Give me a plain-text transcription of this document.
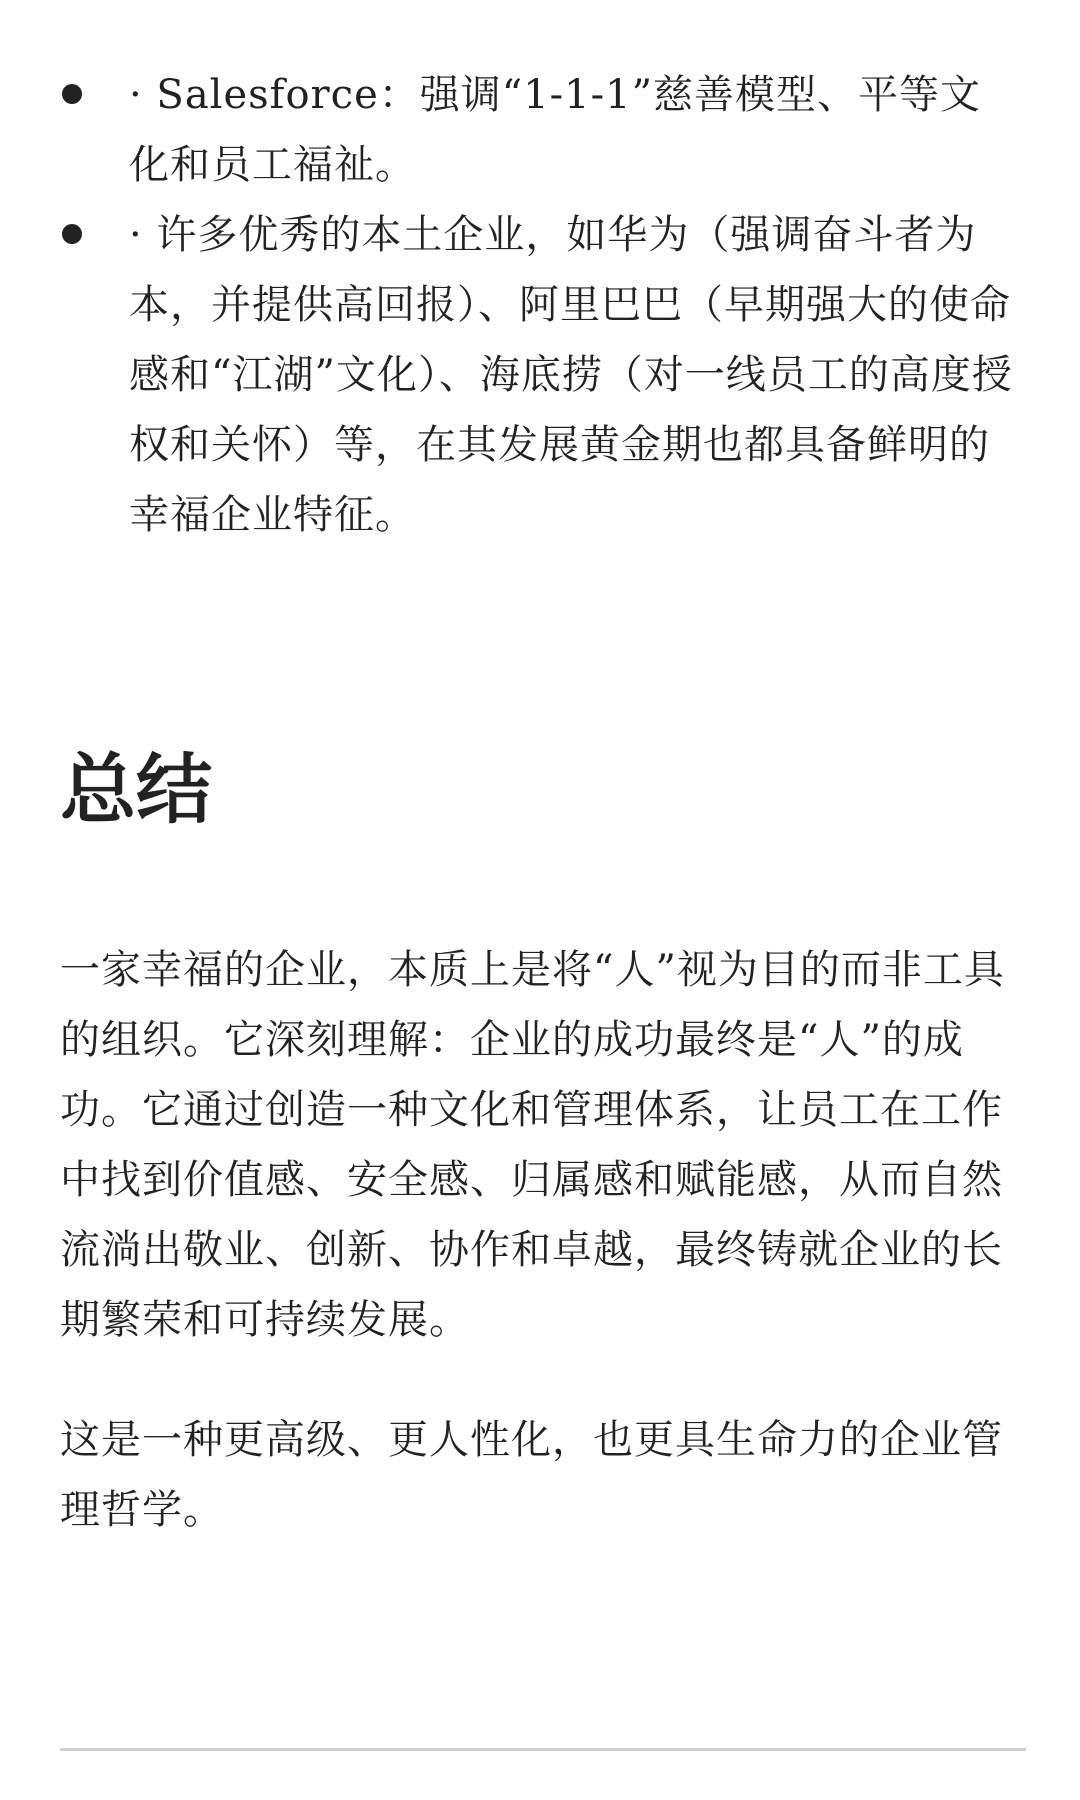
· Salesforce：强调“1-1-1”慈善模型、平等文化和员工福祉。
· 许多优秀的本土企业，如华为（强调奋斗者为本，并提供高回报）、阿里巴巴（早期强大的使命感和“江湖”文化）、海底捞（对一线员工的高度授权和关怀）等，在其发展黄金期也都具备鲜明的幸福企业特征。
总结

一家幸福的企业，本质上是将“人”视为目的而非工具的组织。它深刻理解：企业的成功最终是“人”的成功。它通过创造一种文化和管理体系，让员工在工作中找到价值感、安全感、归属感和赋能感，从而自然流淌出敬业、创新、协作和卓越，最终铸就企业的长期繁荣和可持续发展。

这是一种更高级、更人性化，也更具生命力的企业管理哲学。
